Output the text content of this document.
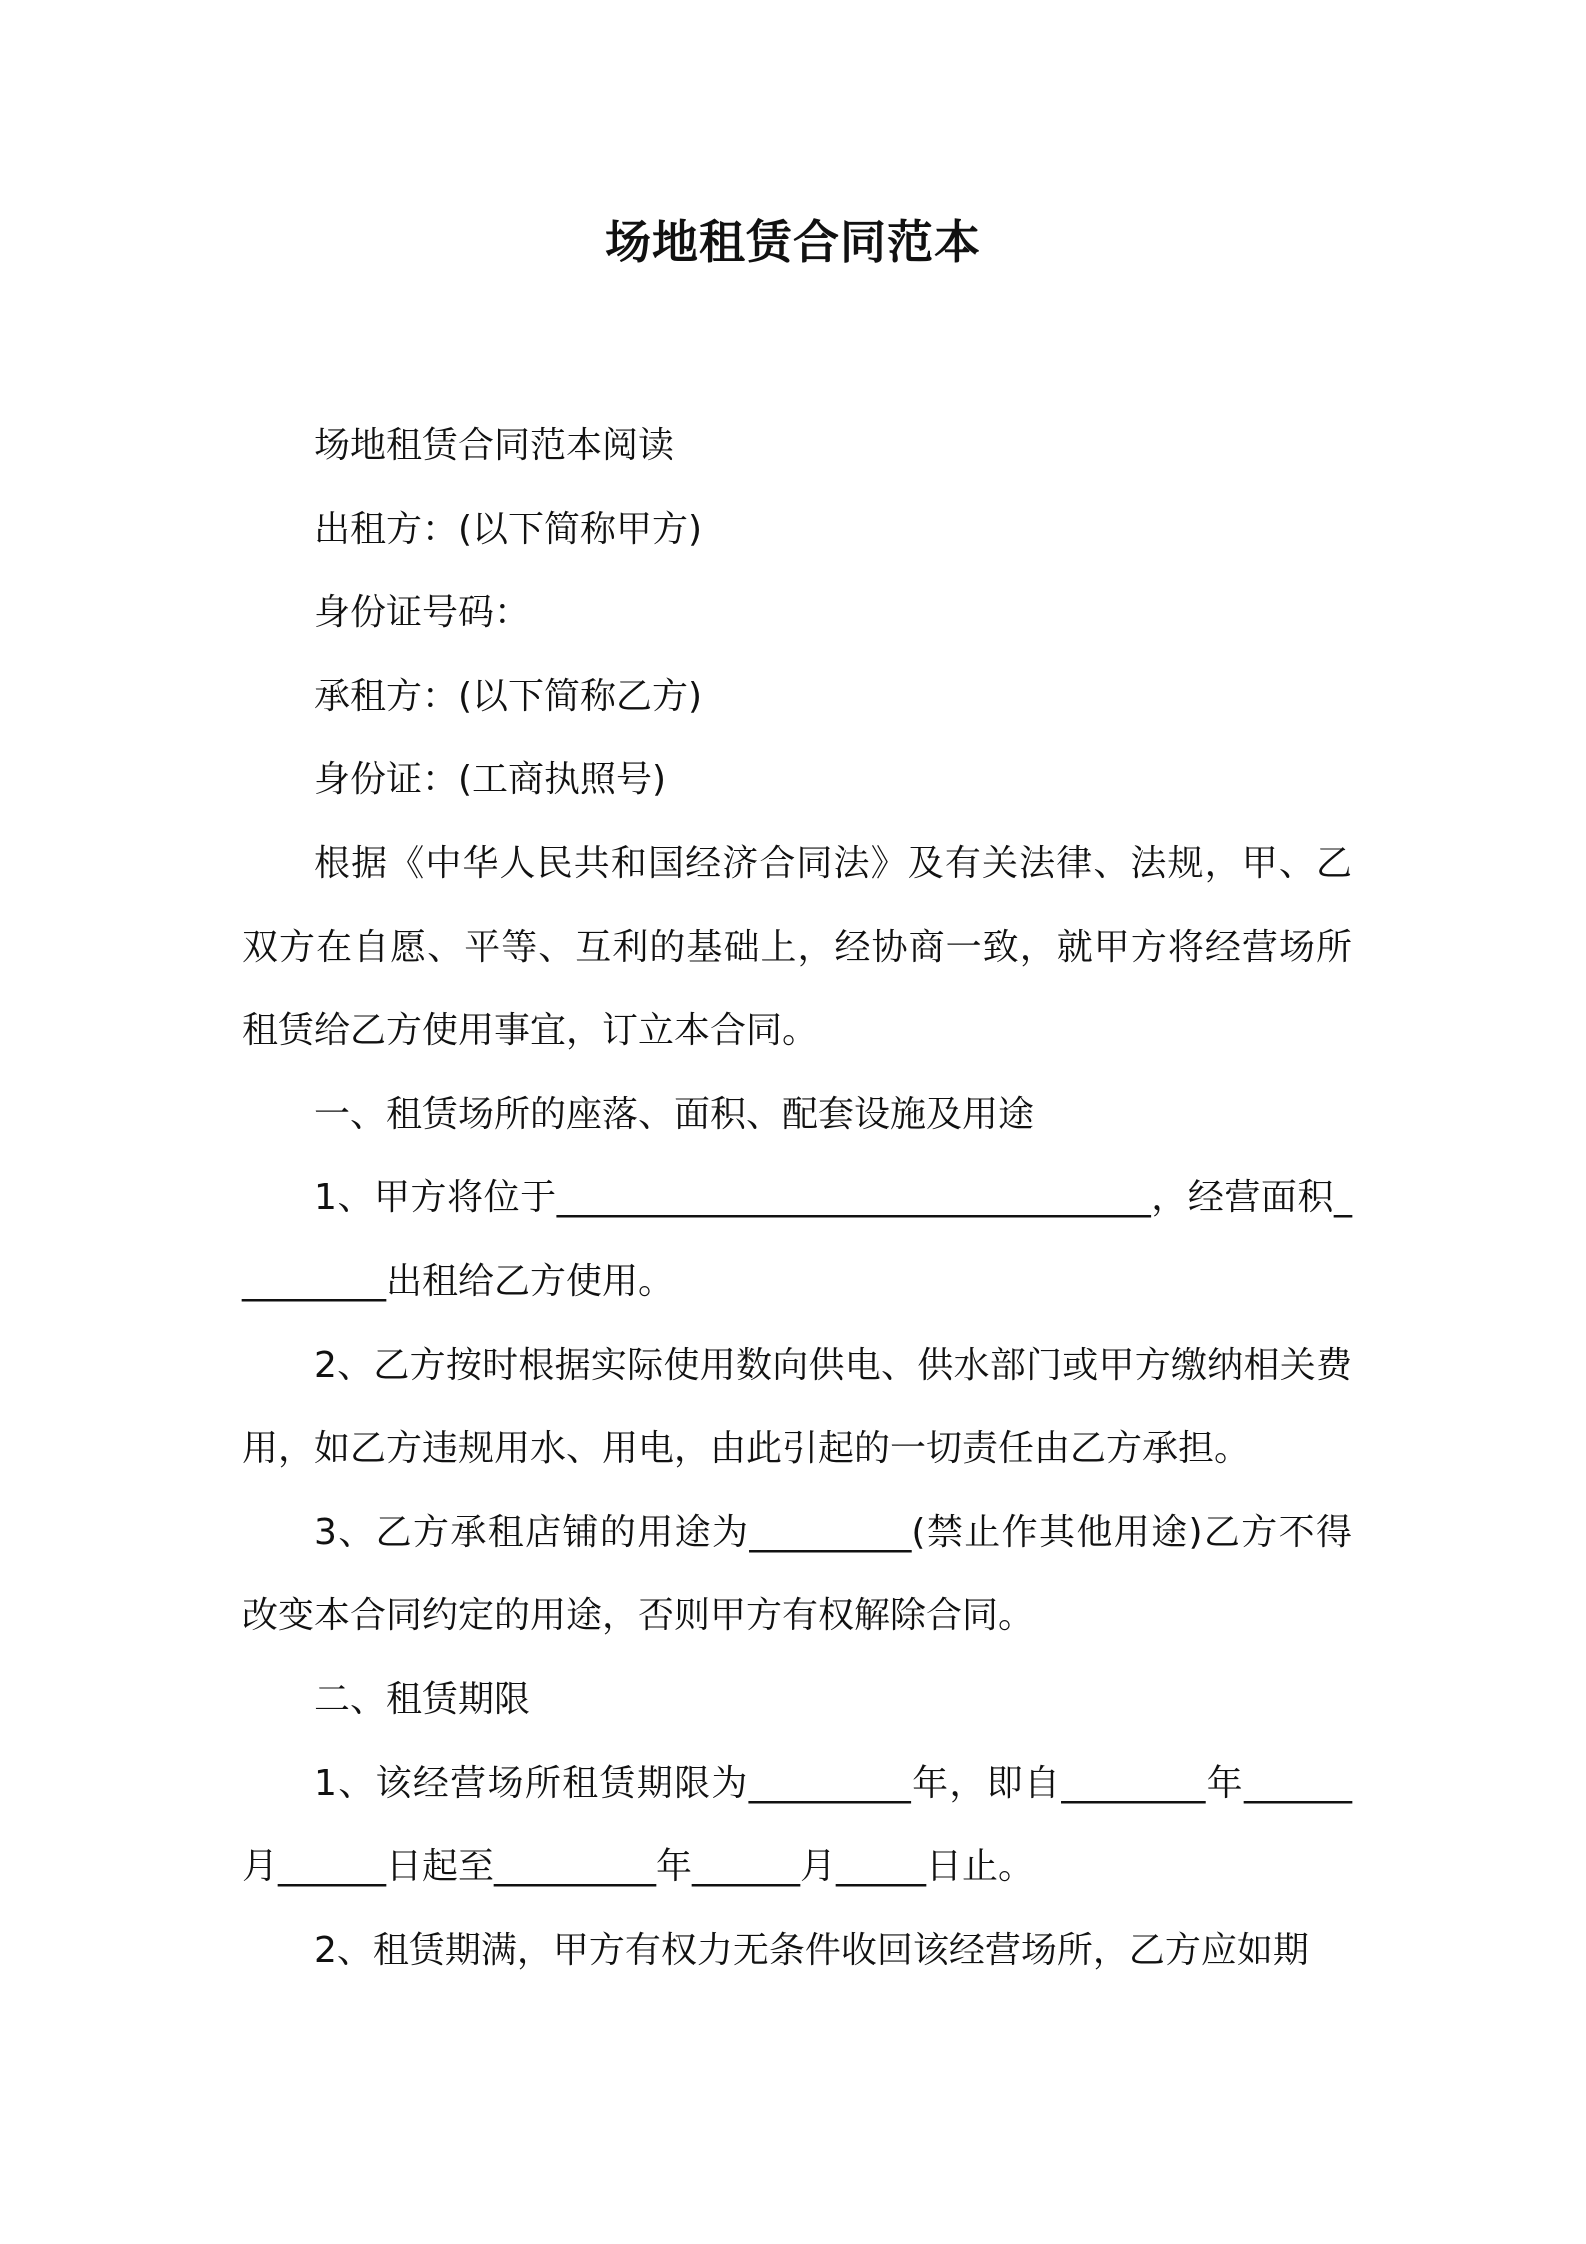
场地租赁合同范本

场地租赁合同范本阅读

出租方：(以下简称甲方)

身份证号码：

承租方：(以下简称乙方)

身份证：(工商执照号)

根据《中华人民共和国经济合同法》及有关法律、法规，甲、乙双方在自愿、平等、互利的基础上，经协商一致，就甲方将经营场所租赁给乙方使用事宜，订立本合同。

一、租赁场所的座落、面积、配套设施及用途

1、甲方将位于_________________________________，经营面积_________出租给乙方使用。

2、乙方按时根据实际使用数向供电、供水部门或甲方缴纳相关费用，如乙方违规用水、用电，由此引起的一切责任由乙方承担。

3、乙方承租店铺的用途为_________(禁止作其他用途)乙方不得改变本合同约定的用途，否则甲方有权解除合同。

二、租赁期限

1、该经营场所租赁期限为_________年，即自________年______月______日起至_________年______月_____日止。

2、租赁期满，甲方有权力无条件收回该经营场所，乙方应如期
